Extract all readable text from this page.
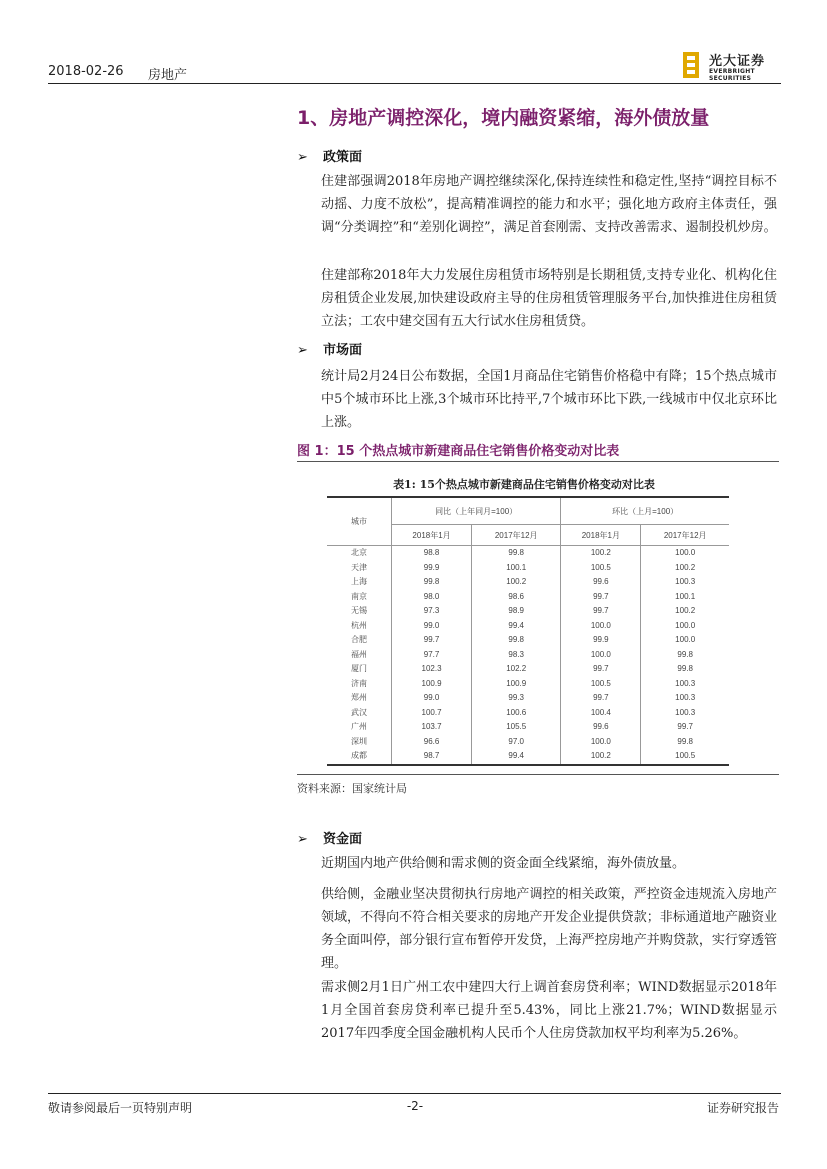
2018-02-26 房地产
光大证券
EVERBRIGHT SECURITIES
1、房地产调控深化，境内融资紧缩，海外债放量
➢ 政策面
住建部强调2018年房地产调控继续深化,保持连续性和稳定性,坚持“调控目标不动摇、力度不放松”，提高精准调控的能力和水平；强化地方政府主体责任，强调“分类调控”和“差别化调控”，满足首套刚需、支持改善需求、遏制投机炒房。
住建部称2018年大力发展住房租赁市场特别是长期租赁,支持专业化、机构化住房租赁企业发展,加快建设政府主导的住房租赁管理服务平台,加快推进住房租赁立法；工农中建交国有五大行试水住房租赁贷。
➢ 市场面
统计局2月24日公布数据，全国1月商品住宅销售价格稳中有降；15个热点城市中5个城市环比上涨,3个城市环比持平,7个城市环比下跌,一线城市中仅北京环比上涨。
图 1：15 个热点城市新建商品住宅销售价格变动对比表
表1: 15个热点城市新建商品住宅销售价格变动对比表
城市	同比（上年同月=100）		环比（上月=100）	
	2018年1月	2017年12月	2018年1月	2017年12月
北京	98.8	99.8	100.2	100.0
天津	99.9	100.1	100.5	100.2
上海	99.8	100.2	99.6	100.3
南京	98.0	98.6	99.7	100.1
无锡	97.3	98.9	99.7	100.2
杭州	99.0	99.4	100.0	100.0
合肥	99.7	99.8	99.9	100.0
福州	97.7	98.3	100.0	99.8
厦门	102.3	102.2	99.7	99.8
济南	100.9	100.9	100.5	100.3
郑州	99.0	99.3	99.7	100.3
武汉	100.7	100.6	100.4	100.3
广州	103.7	105.5	99.6	99.7
深圳	96.6	97.0	100.0	99.8
成都	98.7	99.4	100.2	100.5
资料来源：国家统计局
➢ 资金面
近期国内地产供给侧和需求侧的资金面全线紧缩，海外债放量。
供给侧，金融业坚决贯彻执行房地产调控的相关政策，严控资金违规流入房地产领域，不得向不符合相关要求的房地产开发企业提供贷款；非标通道地产融资业务全面叫停，部分银行宣布暂停开发贷，上海严控房地产并购贷款，实行穿透管理。
需求侧2月1日广州工农中建四大行上调首套房贷利率；WIND数据显示2018年1月全国首套房贷利率已提升至5.43%，同比上涨21.7%；WIND数据显示2017年四季度全国金融机构人民币个人住房贷款加权平均利率为5.26%。
敬请参阅最后一页特别声明	-2-	证券研究报告
